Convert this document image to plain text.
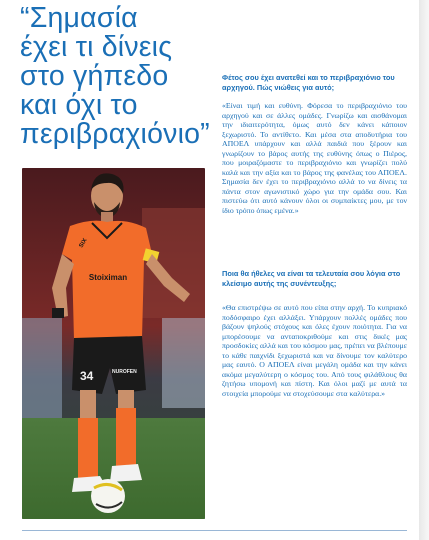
“Σημασία
έχει τι δίνεις
στο γήπεδο
και όχι το
περιβραχιόνιο”
Stoiximan
SIX
34	NUROFEN
Φέτος σου έχει ανατεθεί και το περιβραχιόνιο του αρχηγού. Πώς νιώθεις για αυτό;
«Είναι τιμή και ευθύνη. Φόρεσα το περιβραχιόνιο του αρχηγού και σε άλλες ομάδες. Γνωρίζω και αισθάνομαι την ιδιαιτερότητα, όμως αυτό δεν κάνει κάποιον ξεχωριστό. Το αντίθετο. Και μέσα στα αποδυτήρια του ΑΠΟΕΛ υπάρχουν και αλλά παιδιά που ξέρουν και γνωρίζουν το βάρος αυτής της ευθύνης όπως ο Πιέρος, που μοιραζόμαστε το περιβραχιόνιο και γνωρίζει πολύ καλά και την αξία και το βάρος της φανέλας του ΑΠΟΕΛ. Σημασία δεν έχει το περιβραχιόνιο αλλά το να δίνεις τα πάντα στον αγωνιστικό χώρο για την ομάδα σου. Και πιστεύω ότι αυτό κάνουν όλοι οι συμπαίκτες μου, με τον ίδιο τρόπο όπως εμένα.»
Ποια θα ήθελες να είναι τα τελευταία σου λόγια στο κλείσιμο αυτής της συνέντευξης;
«Θα επιστρέψω σε αυτό που είπα στην αρχή. Το κυπριακό ποδόσφαιρο έχει αλλάξει. Υπάρχουν πολλές ομάδες που βάζουν ψηλούς στόχους και όλες έχουν ποιότητα. Για να μπορέσουμε να ανταποκριθούμε και στις δικές μας προσδοκίες αλλά και του κόσμου μας, πρέπει να βλέπουμε το κάθε παιχνίδι ξεχωριστά και να δίνουμε τον καλύτερο μας εαυτό. Ο ΑΠΟΕΛ είναι μεγάλη ομάδα και την κάνει ακόμα μεγαλύτερη ο κόσμος του. Από τους φιλάθλους θα ζητήσω υπομονή και πίστη. Και όλοι μαζί με αυτά τα στοιχεία μπορούμε να στοχεύσουμε στα καλύτερα.»
